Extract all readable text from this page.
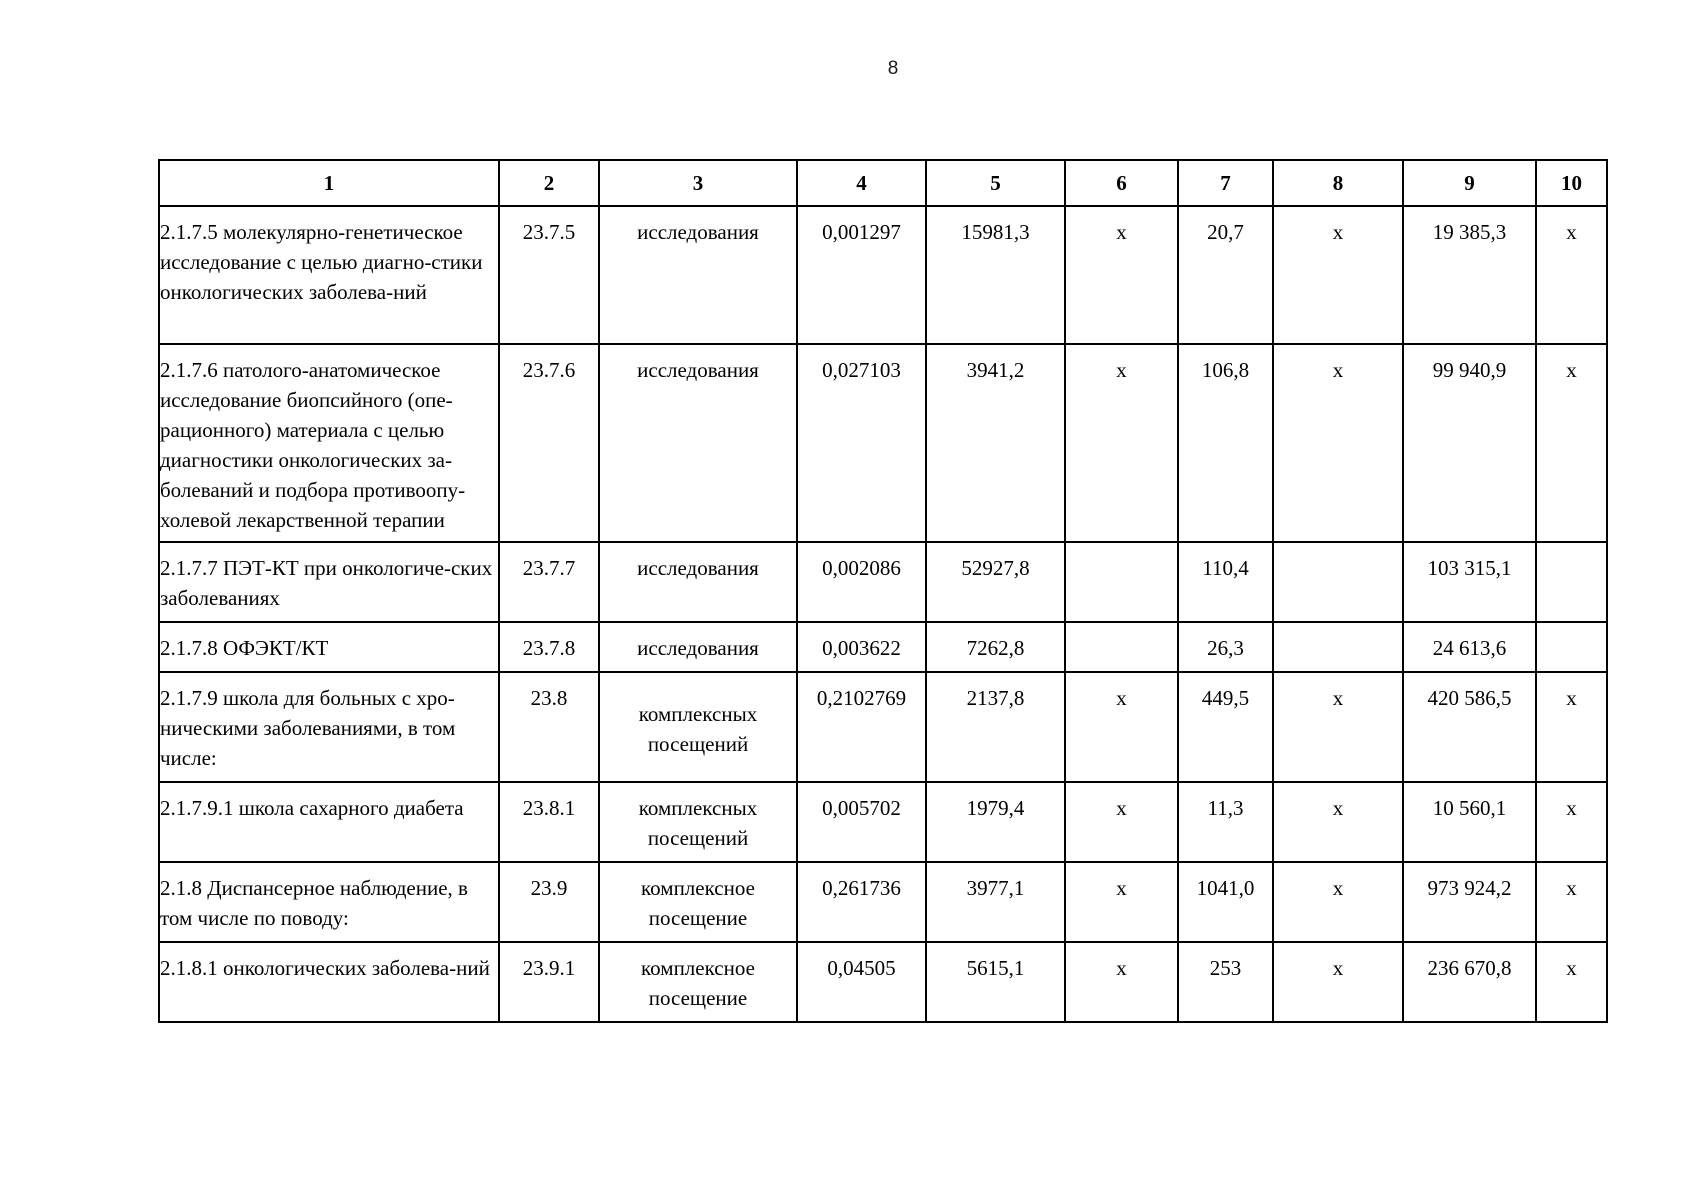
8
1	2	3	4	5	6	7	8	9	10
2.1.7.5 молекулярно-генетическое исследование с целью диагно-стики онкологических заболева-ний	23.7.5	исследования	0,001297	15981,3	х	20,7	х	19 385,3	х
2.1.7.6 патолого-анатомическое исследование биопсийного (опе-рационного) материала с целью диагностики онкологических за-болеваний и подбора противоопу-холевой лекарственной терапии	23.7.6	исследования	0,027103	3941,2	х	106,8	х	99 940,9	х
2.1.7.7 ПЭТ-КТ при онкологиче-ских заболеваниях	23.7.7	исследования	0,002086	52927,8		110,4		103 315,1	
2.1.7.8 ОФЭКТ/КТ	23.7.8	исследования	0,003622	7262,8		26,3		24 613,6	
2.1.7.9 школа для больных с хро-ническими заболеваниями, в том числе:	23.8	комплексных посещений	0,2102769	2137,8	х	449,5	х	420 586,5	х
2.1.7.9.1 школа сахарного диабета	23.8.1	комплексных посещений	0,005702	1979,4	х	11,3	х	10 560,1	х
2.1.8 Диспансерное наблюдение, в том числе по поводу:	23.9	комплексное посещение	0,261736	3977,1	х	1041,0	х	973 924,2	х
2.1.8.1 онкологических заболева-ний	23.9.1	комплексное посещение	0,04505	5615,1	х	253	х	236 670,8	х
